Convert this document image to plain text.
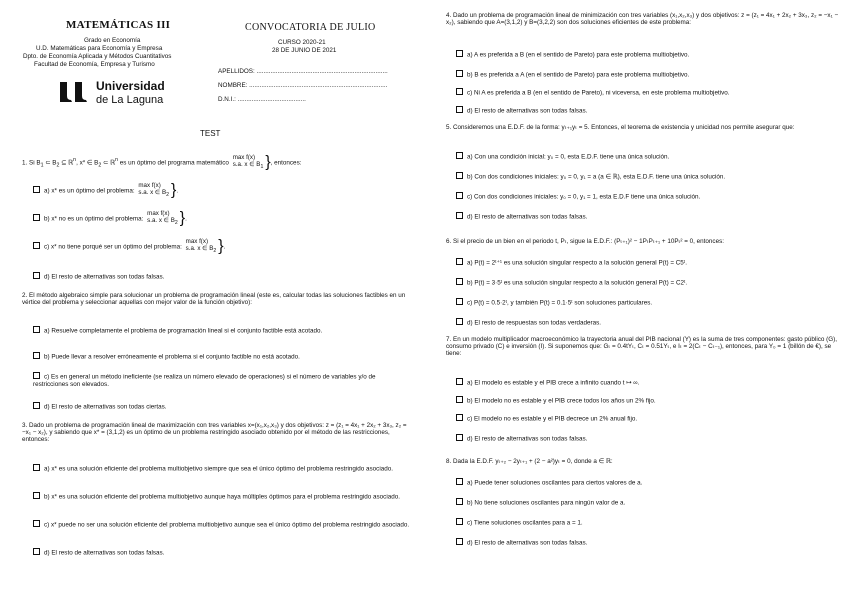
MATEMÁTICAS III
Grado en Economía
U.D. Matemáticas para Economía y Empresa
Dpto. de Economía Aplicada y Métodos Cuantitativos
Facultad de Economía, Empresa y Turismo
Universidad
de La Laguna
CONVOCATORIA DE JULIO
CURSO 2020-21
28 DE JUNIO DE 2021
APELLIDOS: ...........................................................................
NOMBRE: ...............................................................................
D.N.I.: .......................................
TEST
1. Si $B_1$ ⊂ $B_2$ ⊆ ℝ$^n$, x* ∈ $B_2$ ⊂ ℝ$^n$ es un óptimo del programa matemático max f(x)
s.a. x ∈ $B_1$ }, entonces:
a) x* es un óptimo del problema: max f(x)
s.a. x ∈ $B_2$ }.
b) x* no es un óptimo del problema: max f(x)
s.a. x ∈ $B_2$ }.
c) x* no tiene porqué ser un óptimo del problema: max f(x)
s.a. x ∈ $B_2$ }.
d) El resto de alternativas son todas falsas.
2. El método algebraico simple para solucionar un problema de programación lineal (este es, calcular todas las soluciones factibles en un vértice del problema y seleccionar aquellas con mejor valor de la función objetivo):
a) Resuelve completamente el problema de programación lineal si el conjunto factible está acotado.
b) Puede llevar a resolver erróneamente el problema si el conjunto factible no está acotado.
c) Es en general un método ineficiente (se realiza un número elevado de operaciones) si el número de variables y/o de restricciones son elevados.
d) El resto de alternativas son todas ciertas.
3. Dado un problema de programación lineal de maximización con tres variables x=(x₁,x₂,x₃) y dos objetivos: z = (z₁ = 4x₁ + 2x₂ + 3x₃, z₂ = −x₁ − x₂), y sabiendo que x* = (3,1,2) es un óptimo de un problema restringido asociado obtenido por el método de las restricciones, entonces:
a) x* es una solución eficiente del problema multiobjetivo siempre que sea el único óptimo del problema restringido asociado.
b) x* es una solución eficiente del problema multiobjetivo aunque haya múltiples óptimos para el problema restringido asociado.
c) x* puede no ser una solución eficiente del problema multiobjetivo aunque sea el único óptimo del problema restringido asociado.
d) El resto de alternativas son todas falsas.
4. Dado un problema de programación lineal de minimización con tres variables (x₁,x₂,x₃) y dos objetivos: z = (z₁ = 4x₁ + 2x₂ + 3x₃, z₂ = −x₁ − x₂), sabiendo que A=(3,1,2) y B=(3,2,2) son dos soluciones eficientes de este problema:
a) A es preferida a B (en el sentido de Pareto) para este problema multiobjetivo.
b) B es preferida a A (en el sentido de Pareto) para este problema multiobjetivo.
c) Ni A es preferida a B (en el sentido de Pareto), ni viceversa, en este problema multiobjetivo.
d) El resto de alternativas son todas falsas.
5. Consideremos una E.D.F. de la forma: yₜ₊₁yₜ = 5. Entonces, el teorema de existencia y unicidad nos permite asegurar que:
a) Con una condición inicial: y₀ = 0, esta E.D.F. tiene una única solución.
b) Con dos condiciones iniciales: y₀ = 0, y₁ = a (a ∈ ℝ), esta E.D.F. tiene una única solución.
c) Con dos condiciones iniciales: y₀ = 0, y₁ = 1, esta E.D.F tiene una única solución.
d) El resto de alternativas son todas falsas.
6. Si el precio de un bien en el periodo t, Pₜ, sigue la E.D.F.: (Pₜ₊₁)² − 1PₜPₜ₊₁ + 10Pₜ² = 0, entonces:
a) P(t) = 2ᵗ⁺¹ es una solución singular respecto a la solución general P(t) = C5ᵗ.
b) P(t) = 3·5ᵗ es una solución singular respecto a la solución general P(t) = C2ᵗ.
c) P(t) = 0.5·2ᵗ, y también P(t) = 0.1·5ᵗ son soluciones particulares.
d) El resto de respuestas son todas verdaderas.
7. En un modelo multiplicador macroeconómico la trayectoria anual del PIB nacional (Y) es la suma de tres componentes: gasto público (G), consumo privado (C) e inversión (I). Si suponemos que: Gₜ = 0.4tYₜ, Cₜ = 0.51Yₜ, e Iₜ = 2(Cₜ − Cₜ₋₁), entonces, para Y₀ = 1 (billón de €), se tiene:
a) El modelo es estable y el PIB crece a infinito cuando t ↦ ∞.
b) El modelo no es estable y el PIB crece todos los años un 2% fijo.
c) El modelo no es estable y el PIB decrece un 2% anual fijo.
d) El resto de alternativas son todas falsas.
8. Dada la E.D.F. yₜ₊₂ − 2yₜ₊₁ + (2 − a²)yₜ = 0, donde a ∈ ℝ:
a) Puede tener soluciones oscilantes para ciertos valores de a.
b) No tiene soluciones oscilantes para ningún valor de a.
c) Tiene soluciones oscilantes para a = 1.
d) El resto de alternativas son todas falsas.
